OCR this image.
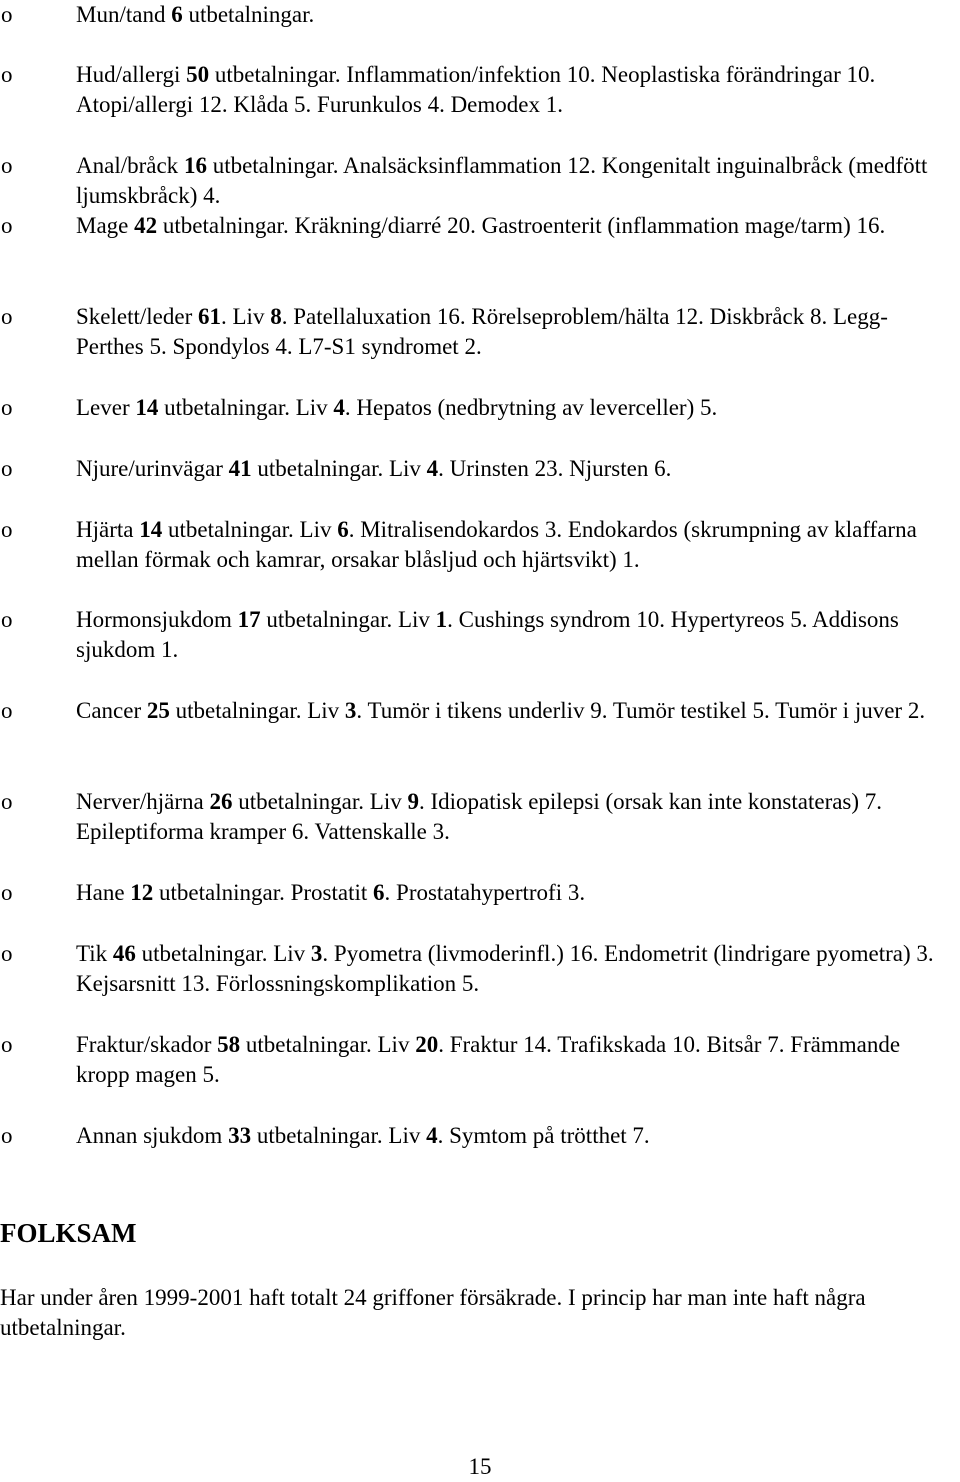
o	Mun/tand 6 utbetalningar.
o	Hud/allergi 50 utbetalningar. Inflammation/infektion 10. Neoplastiska förändringar 10. Atopi/allergi 12. Klåda 5. Furunkulos 4. Demodex 1.
o	Anal/bråck 16 utbetalningar. Analsäcksinflammation 12. Kongenitalt inguinalbråck (medfött ljumskbråck) 4.
o	Mage 42 utbetalningar. Kräkning/diarré 20. Gastroenterit (inflammation mage/tarm) 16.
o	Skelett/leder 61. Liv 8. Patellaluxation 16. Rörelseproblem/hälta 12. Diskbråck 8. Legg-Perthes 5. Spondylos 4. L7-S1 syndromet 2.
o	Lever 14 utbetalningar. Liv 4. Hepatos (nedbrytning av leverceller) 5.
o	Njure/urinvägar 41 utbetalningar. Liv 4. Urinsten 23. Njursten 6.
o	Hjärta 14 utbetalningar. Liv 6. Mitralisendokardos 3. Endokardos (skrumpning av klaffarna mellan förmak och kamrar, orsakar blåsljud och hjärtsvikt) 1.
o	Hormonsjukdom 17 utbetalningar. Liv 1. Cushings syndrom 10. Hypertyreos 5. Addisons sjukdom 1.
o	Cancer 25 utbetalningar. Liv 3. Tumör i tikens underliv 9. Tumör testikel 5. Tumör i juver 2.
o	Nerver/hjärna 26 utbetalningar. Liv 9. Idiopatisk epilepsi (orsak kan inte konstateras) 7. Epileptiforma kramper 6. Vattenskalle 3.
o	Hane 12 utbetalningar. Prostatit 6. Prostatahypertrofi 3.
o	Tik 46 utbetalningar. Liv 3. Pyometra (livmoderinfl.) 16. Endometrit (lindrigare pyometra) 3. Kejsarsnitt 13. Förlossningskomplikation 5.
o	Fraktur/skador 58 utbetalningar. Liv 20. Fraktur 14. Trafikskada 10. Bitsår 7. Främmande kropp magen 5.
o	Annan sjukdom 33 utbetalningar. Liv 4. Symtom på trötthet 7.
FOLKSAM
Har under åren 1999-2001 haft totalt 24 griffoner försäkrade. I princip har man inte haft några utbetalningar.
15
